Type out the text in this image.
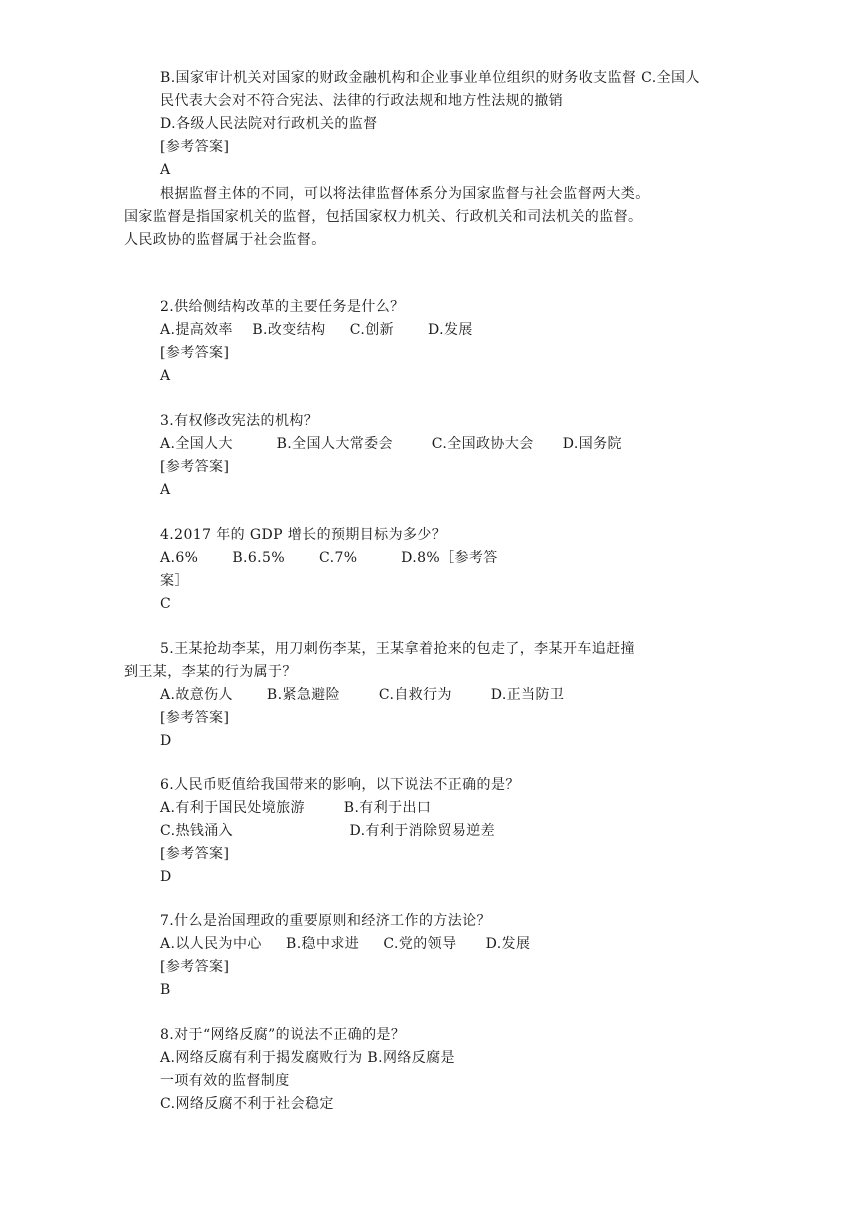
B.国家审计机关对国家的财政金融机构和企业事业单位组织的财务收支监督 C.全国人
民代表大会对不符合宪法、法律的行政法规和地方性法规的撤销
D.各级人民法院对行政机关的监督
[参考答案]
A
根据监督主体的不同，可以将法律监督体系分为国家监督与社会监督两大类。
国家监督是指国家机关的监督，包括国家权力机关、行政机关和司法机关的监督。
人民政协的监督属于社会监督。
2.供给侧结构改革的主要任务是什么？
A.提高效率    B.改变结构     C.创新       D.发展
[参考答案]
A
3.有权修改宪法的机构？
A.全国人大         B.全国人大常委会        C.全国政协大会      D.国务院
[参考答案]
A
4.2017 年的 GDP 增长的预期目标为多少？
A.6%       B.6.5%       C.7%         D.8%［参考答
案］
C
5.王某抢劫李某，用刀刺伤李某，王某拿着抢来的包走了，李某开车追赶撞
到王某，李某的行为属于？
A.故意伤人       B.紧急避险        C.自救行为        D.正当防卫
[参考答案]
D
6.人民币贬值给我国带来的影响，以下说法不正确的是？
A.有利于国民处境旅游        B.有利于出口
C.热钱涌入                        D.有利于消除贸易逆差
[参考答案]
D
7.什么是治国理政的重要原则和经济工作的方法论？
A.以人民为中心     B.稳中求进     C.党的领导      D.发展
[参考答案]
B
8.对于“网络反腐”的说法不正确的是？
A.网络反腐有利于揭发腐败行为 B.网络反腐是
一项有效的监督制度
C.网络反腐不利于社会稳定
